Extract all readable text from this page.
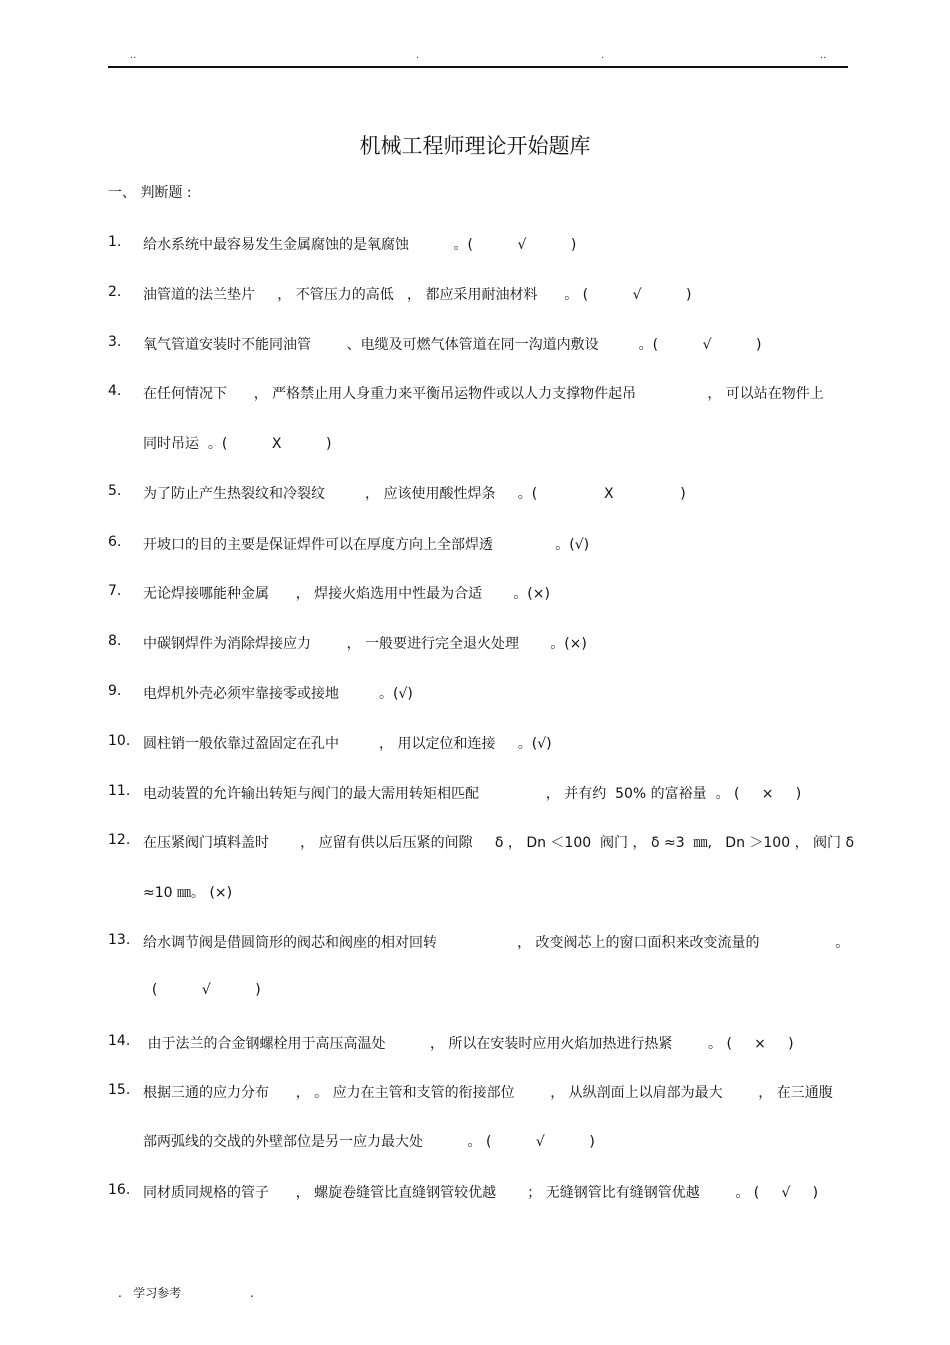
..	.	.	..
机械工程师理论开始题库
一、 判断题 :
1. 给水系统中最容易发生金属腐蚀的是氧腐蚀          。(          √          )
2. 油管道的法兰垫片     ， 不管压力的高低   ， 都应采用耐油材料      。 (          √          )
3. 氧气管道安装时不能同油管        、电缆及可燃气体管道在同一沟道内敷设         。(          √          )
4. 在任何情况下      ， 严格禁止用人身重力来平衡吊运物件或以人力支撑物件起吊                ， 可以站在物件上
同时吊运  。(          X          )
5. 为了防止产生热裂纹和冷裂纹         ， 应该使用酸性焊条     。(               X               )
6. 开坡口的目的主要是保证焊件可以在厚度方向上全部焊透              。(√)
7. 无论焊接哪能种金属      ， 焊接火焰选用中性最为合适       。(×)
8. 中碳钢焊件为消除焊接应力        ， 一般要进行完全退火处理       。(×)
9. 电焊机外壳必须牢靠接零或接地         。(√)
10. 圆柱销一般依靠过盈固定在孔中         ， 用以定位和连接     。(√)
11. 电动装置的允许输出转矩与阀门的最大需用转矩相匹配               ， 并有约  50% 的富裕量  。 (     ×     )
12. 在压紧阀门填料盖时       ， 应留有供以后压紧的间隙     δ ， Dn ＜100  阀门 ， δ ≈3  ㎜,   Dn ＞100 ， 阀门 δ
≈10 ㎜。 (×)
13. 给水调节阀是借圆筒形的阀芯和阀座的相对回转                  ， 改变阀芯上的窗口面积来改变流量的                 。
(          √          )
14. 由于法兰的合金钢螺栓用于高压高温处          ， 所以在安装时应用火焰加热进行热紧        。 (     ×     )
15. 根据三通的应力分布      ， 。 应力在主管和支管的衔接部位        ， 从纵剖面上以肩部为最大        ， 在三通腹
部两弧线的交战的外壁部位是另一应力最大处          。 (          √          )
16. 同材质同规格的管子      ， 螺旋卷缝管比直缝钢管较优越       ； 无缝钢管比有缝钢管优越        。 (     √     )
.   学习参考                  .
